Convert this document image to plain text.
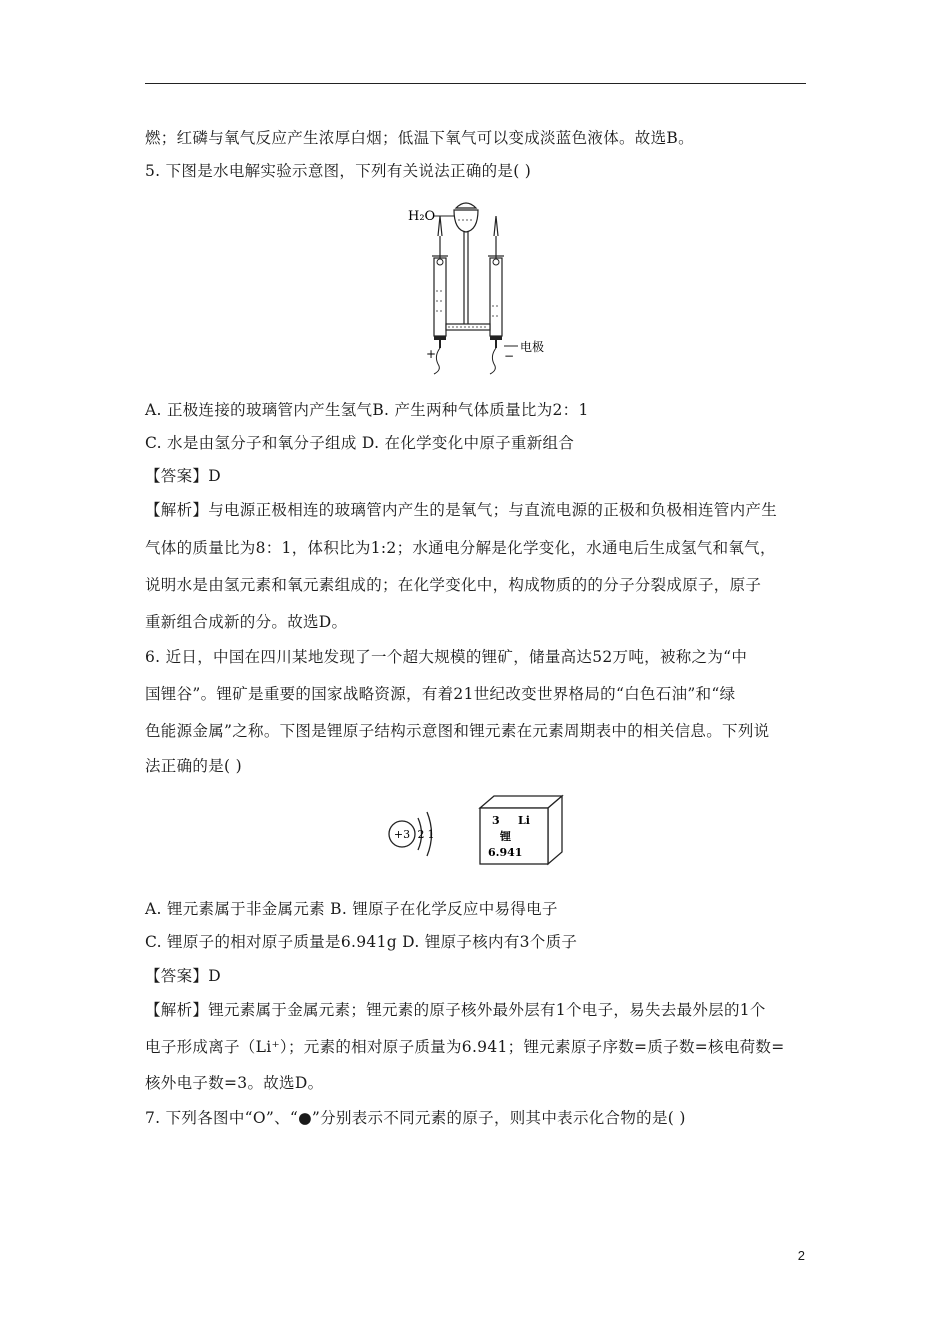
燃；红磷与氧气反应产生浓厚白烟；低温下氧气可以变成淡蓝色液体。故选B。
5. 下图是水电解实验示意图，下列有关说法正确的是( )
H₂O
+	−
电极
A. 正极连接的玻璃管内产生氢气B. 产生两种气体质量比为2：1
C. 水是由氢分子和氧分子组成 D. 在化学变化中原子重新组合
【答案】D
【解析】与电源正极相连的玻璃管内产生的是氧气；与直流电源的正极和负极相连管内产生
气体的质量比为8：1，体积比为1:2；水通电分解是化学变化，水通电后生成氢气和氧气，
说明水是由氢元素和氧元素组成的；在化学变化中，构成物质的的分子分裂成原子，原子
重新组合成新的分。故选D。
6. 近日，中国在四川某地发现了一个超大规模的锂矿，储量高达52万吨，被称之为“中
国锂谷”。锂矿是重要的国家战略资源，有着21世纪改变世界格局的“白色石油”和“绿
色能源金属”之称。下图是锂原子结构示意图和锂元素在元素周期表中的相关信息。下列说
法正确的是( )
+3 2 1
3 Li
锂
6.941
A. 锂元素属于非金属元素 B. 锂原子在化学反应中易得电子
C. 锂原子的相对原子质量是6.941g D. 锂原子核内有3个质子
【答案】D
【解析】锂元素属于金属元素；锂元素的原子核外最外层有1个电子，易失去最外层的1个
电子形成离子（Li⁺）；元素的相对原子质量为6.941；锂元素原子序数=质子数=核电荷数=
核外电子数=3。故选D。
7. 下列各图中“O”、“●”分别表示不同元素的原子，则其中表示化合物的是( )
2
